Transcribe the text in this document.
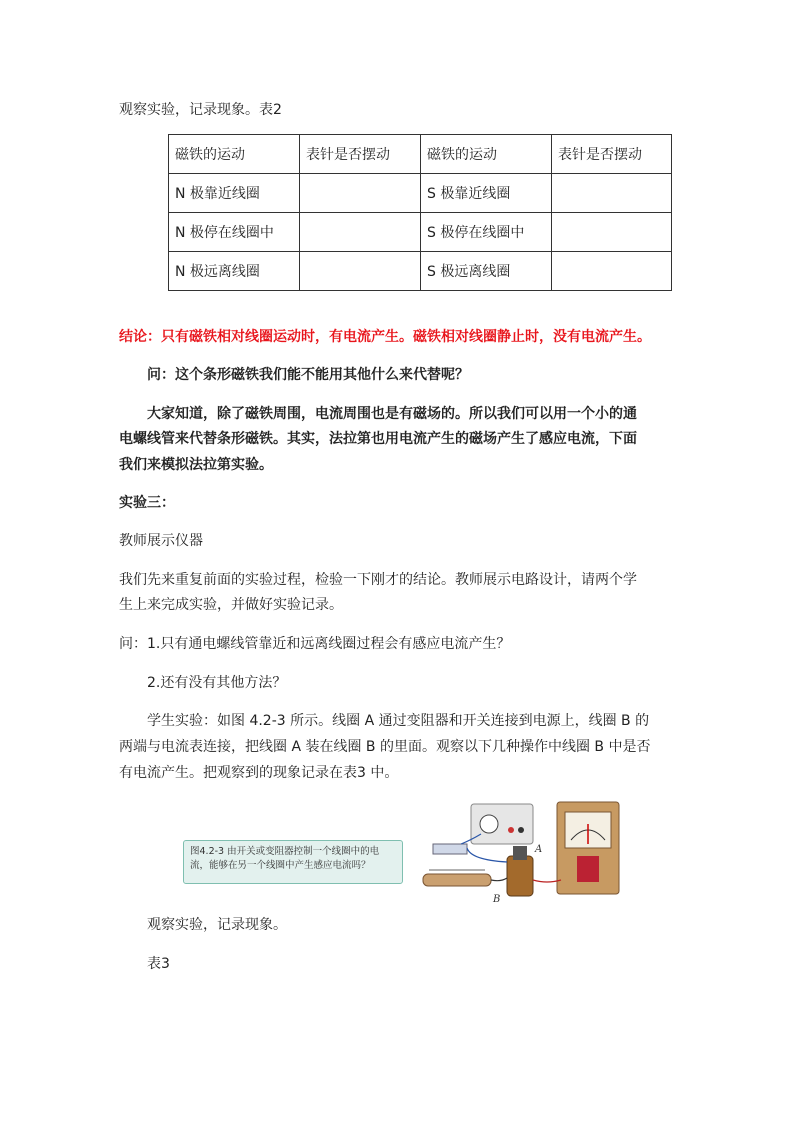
观察实验，记录现象。表2
磁铁的运动	表针是否摆动	磁铁的运动	表针是否摆动
N 极靠近线圈		S 极靠近线圈	
N 极停在线圈中		S 极停在线圈中	
N 极远离线圈		S 极远离线圈	
结论：只有磁铁相对线圈运动时，有电流产生。磁铁相对线圈静止时，没有电流产生。
问：这个条形磁铁我们能不能用其他什么来代替呢？
大家知道，除了磁铁周围，电流周围也是有磁场的。所以我们可以用一个小的通
电螺线管来代替条形磁铁。其实，法拉第也用电流产生的磁场产生了感应电流，下面
我们来模拟法拉第实验。
实验三：
教师展示仪器
我们先来重复前面的实验过程，检验一下刚才的结论。教师展示电路设计，请两个学
生上来完成实验，并做好实验记录。
问：1.只有通电螺线管靠近和远离线圈过程会有感应电流产生？
2.还有没有其他方法？
学生实验：如图 4.2-3 所示。线圈 A 通过变阻器和开关连接到电源上，线圈 B 的
两端与电流表连接，把线圈 A 装在线圈 B 的里面。观察以下几种操作中线圈 B 中是否
有电流产生。把观察到的现象记录在表3 中。
图4.2-3 由开关或变阻器控制一个线圈中的电流，能够在另一个线圈中产生感应电流吗？
A
B
观察实验，记录现象。
表3
